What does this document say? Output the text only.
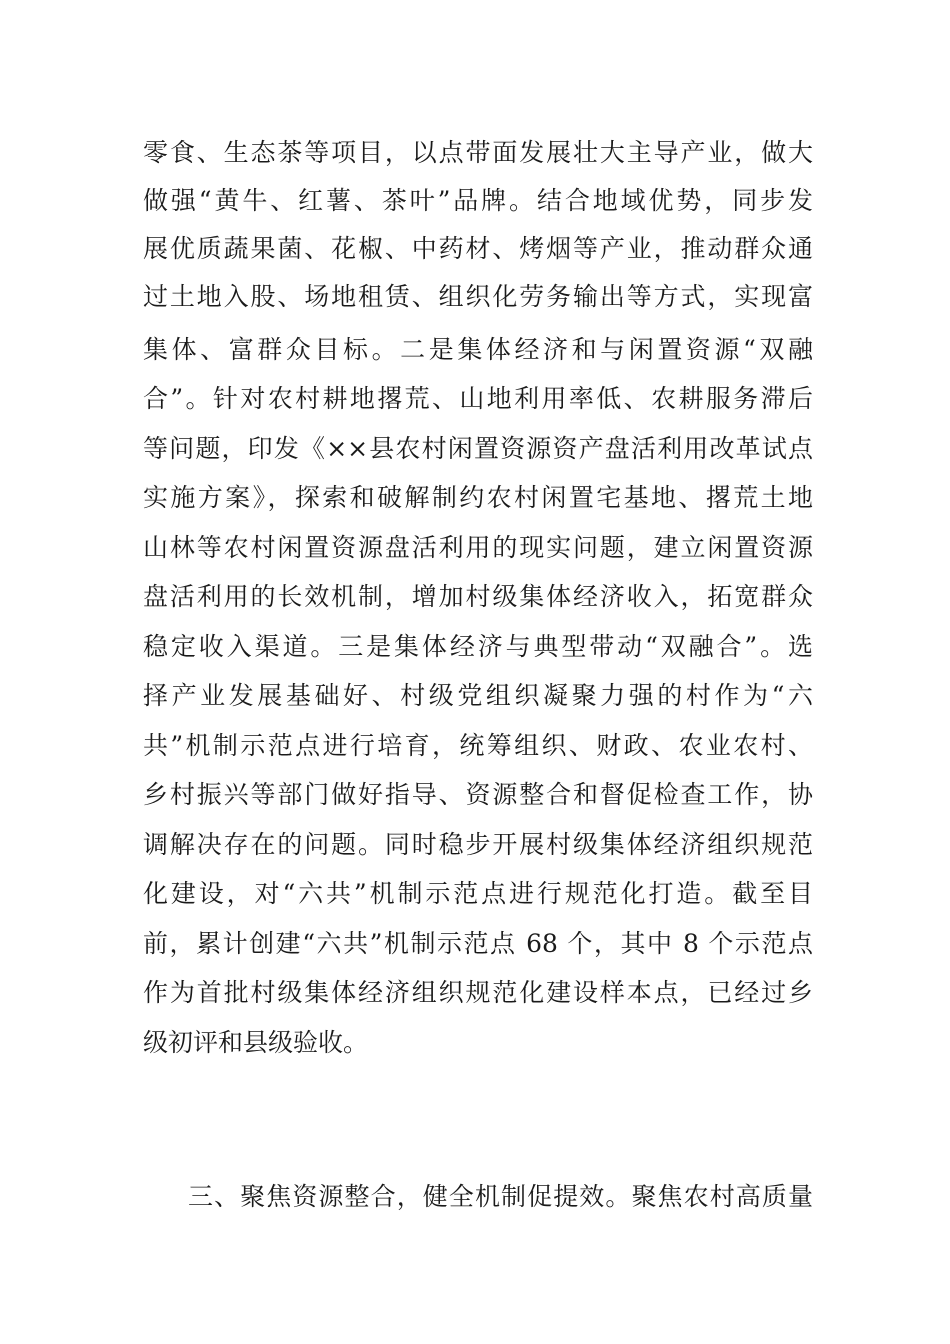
零食、生态茶等项目，以点带面发展壮大主导产业，做大
做强“黄牛、红薯、茶叶”品牌。结合地域优势，同步发
展优质蔬果菌、花椒、中药材、烤烟等产业，推动群众通
过土地入股、场地租赁、组织化劳务输出等方式，实现富
集体、富群众目标。二是集体经济和与闲置资源“双融
合”。针对农村耕地撂荒、山地利用率低、农耕服务滞后
等问题，印发《××县农村闲置资源资产盘活利用改革试点
实施方案》，探索和破解制约农村闲置宅基地、撂荒土地
山林等农村闲置资源盘活利用的现实问题，建立闲置资源
盘活利用的长效机制，增加村级集体经济收入，拓宽群众
稳定收入渠道。三是集体经济与典型带动“双融合”。选
择产业发展基础好、村级党组织凝聚力强的村作为“六
共”机制示范点进行培育，统筹组织、财政、农业农村、
乡村振兴等部门做好指导、资源整合和督促检查工作，协
调解决存在的问题。同时稳步开展村级集体经济组织规范
化建设，对“六共”机制示范点进行规范化打造。截至目
前，累计创建“六共”机制示范点 68 个，其中 8 个示范点
作为首批村级集体经济组织规范化建设样本点，已经过乡
级初评和县级验收。
三、聚焦资源整合，健全机制促提效。聚焦农村高质量
